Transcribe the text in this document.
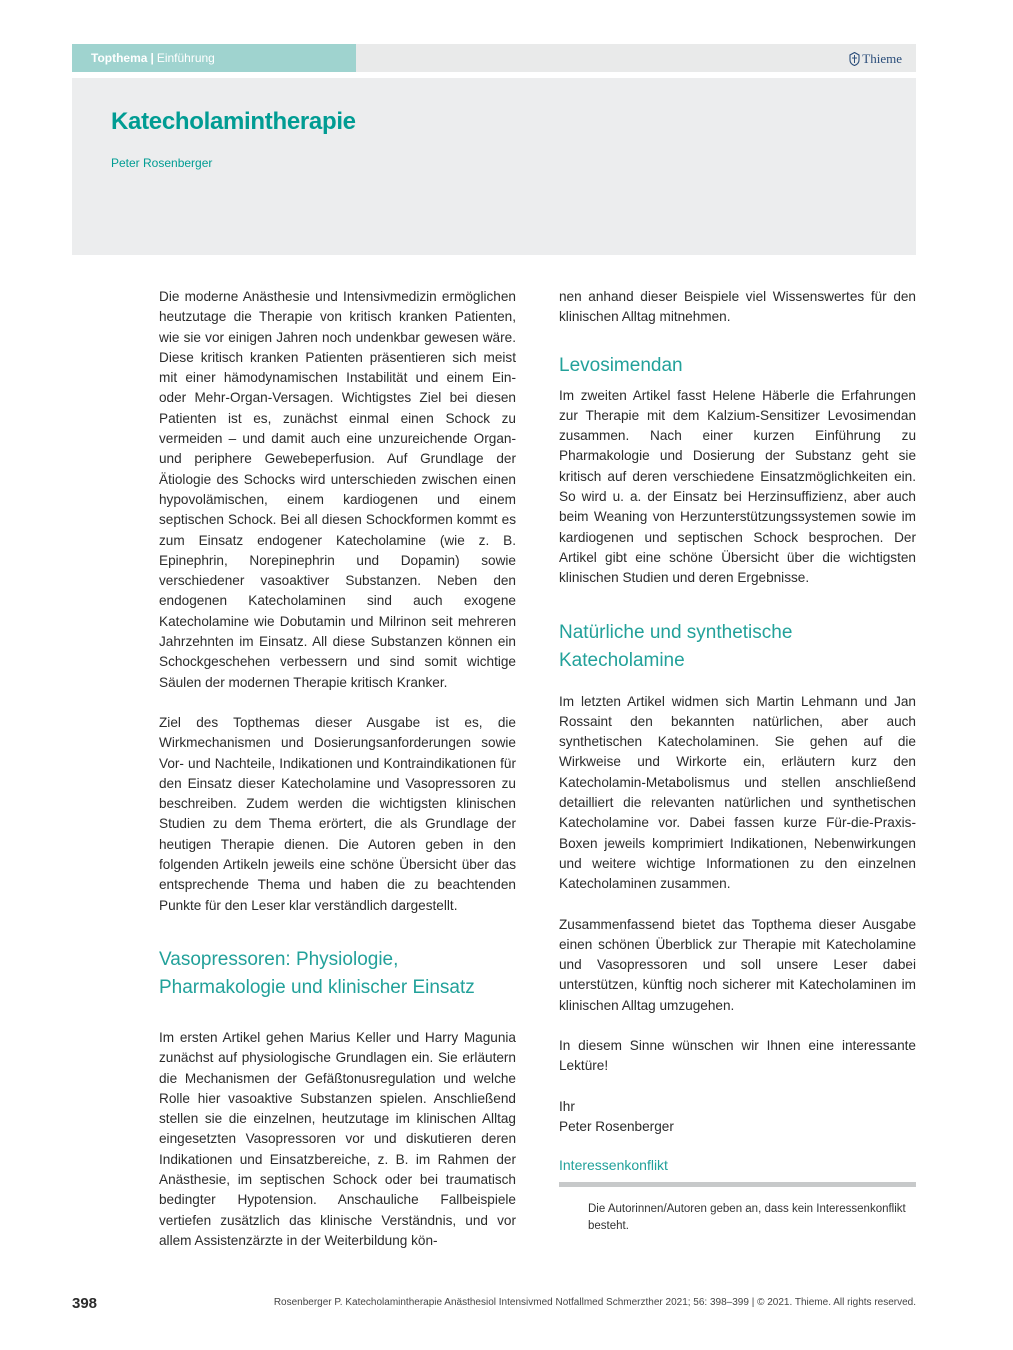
Topthema | Einführung	Thieme
Katecholamintherapie
Peter Rosenberger

Die moderne Anästhesie und Intensivmedizin ermöglichen heutzutage die Therapie von kritisch kranken Patienten, wie sie vor einigen Jahren noch undenkbar gewesen wäre. Diese kritisch kranken Patienten präsentieren sich meist mit einer hämodynamischen Instabilität und einem Ein- oder Mehr-Organ-Versagen. Wichtigstes Ziel bei diesen Patienten ist es, zunächst einmal einen Schock zu vermeiden – und damit auch eine unzureichende Organ- und periphere Gewebeperfusion. Auf Grundlage der Ätiologie des Schocks wird unterschieden zwischen einen hypovolämischen, einem kardiogenen und einem septischen Schock. Bei all diesen Schockformen kommt es zum Einsatz endogener Katecholamine (wie z. B. Epinephrin, Norepinephrin und Dopamin) sowie verschiedener vasoaktiver Substanzen. Neben den endogenen Katecholaminen sind auch exogene Katecholamine wie Dobutamin und Milrinon seit mehreren Jahrzehnten im Einsatz. All diese Substanzen können ein Schockgeschehen verbessern und sind somit wichtige Säulen der modernen Therapie kritisch Kranker.

Ziel des Topthemas dieser Ausgabe ist es, die Wirkmechanismen und Dosierungsanforderungen sowie Vor- und Nachteile, Indikationen und Kontraindikationen für den Einsatz dieser Katecholamine und Vasopressoren zu beschreiben. Zudem werden die wichtigsten klinischen Studien zu dem Thema erörtert, die als Grundlage der heutigen Therapie dienen. Die Autoren geben in den folgenden Artikeln jeweils eine schöne Übersicht über das entsprechende Thema und haben die zu beachtenden Punkte für den Leser klar verständlich dargestellt.

Vasopressoren: Physiologie,
Pharmakologie und klinischer Einsatz

Im ersten Artikel gehen Marius Keller und Harry Magunia zunächst auf physiologische Grundlagen ein. Sie erläutern die Mechanismen der Gefäßtonusregulation und welche Rolle hier vasoaktive Substanzen spielen. Anschließend stellen sie die einzelnen, heutzutage im klinischen Alltag eingesetzten Vasopressoren vor und diskutieren deren Indikationen und Einsatzbereiche, z. B. im Rahmen der Anästhesie, im septischen Schock oder bei traumatisch bedingter Hypotension. Anschauliche Fallbeispiele vertiefen zusätzlich das klinische Verständnis, und vor allem Assistenzärzte in der Weiterbildung kön-

nen anhand dieser Beispiele viel Wissenswertes für den klinischen Alltag mitnehmen.

Levosimendan

Im zweiten Artikel fasst Helene Häberle die Erfahrungen zur Therapie mit dem Kalzium-Sensitizer Levosimendan zusammen. Nach einer kurzen Einführung zu Pharmakologie und Dosierung der Substanz geht sie kritisch auf deren verschiedene Einsatzmöglichkeiten ein. So wird u. a. der Einsatz bei Herzinsuffizienz, aber auch beim Weaning von Herzunterstützungssystemen sowie im kardiogenen und septischen Schock besprochen. Der Artikel gibt eine schöne Übersicht über die wichtigsten klinischen Studien und deren Ergebnisse.

Natürliche und synthetische
Katecholamine

Im letzten Artikel widmen sich Martin Lehmann und Jan Rossaint den bekannten natürlichen, aber auch synthetischen Katecholaminen. Sie gehen auf die Wirkweise und Wirkorte ein, erläutern kurz den Katecholamin-Metabolismus und stellen anschließend detailliert die relevanten natürlichen und synthetischen Katecholamine vor. Dabei fassen kurze Für-die-Praxis-Boxen jeweils komprimiert Indikationen, Nebenwirkungen und weitere wichtige Informationen zu den einzelnen Katecholaminen zusammen.

Zusammenfassend bietet das Topthema dieser Ausgabe einen schönen Überblick zur Therapie mit Katecholamine und Vasopressoren und soll unsere Leser dabei unterstützen, künftig noch sicherer mit Katecholaminen im klinischen Alltag umzugehen.

In diesem Sinne wünschen wir Ihnen eine interessante Lektüre!

Ihr

Peter Rosenberger

Interessenkonflikt

Die Autorinnen/Autoren geben an, dass kein Interessenkonflikt besteht.

398	Rosenberger P. Katecholamintherapie Anästhesiol Intensivmed Notfallmed Schmerzther 2021; 56: 398–399 | © 2021. Thieme. All rights reserved.
